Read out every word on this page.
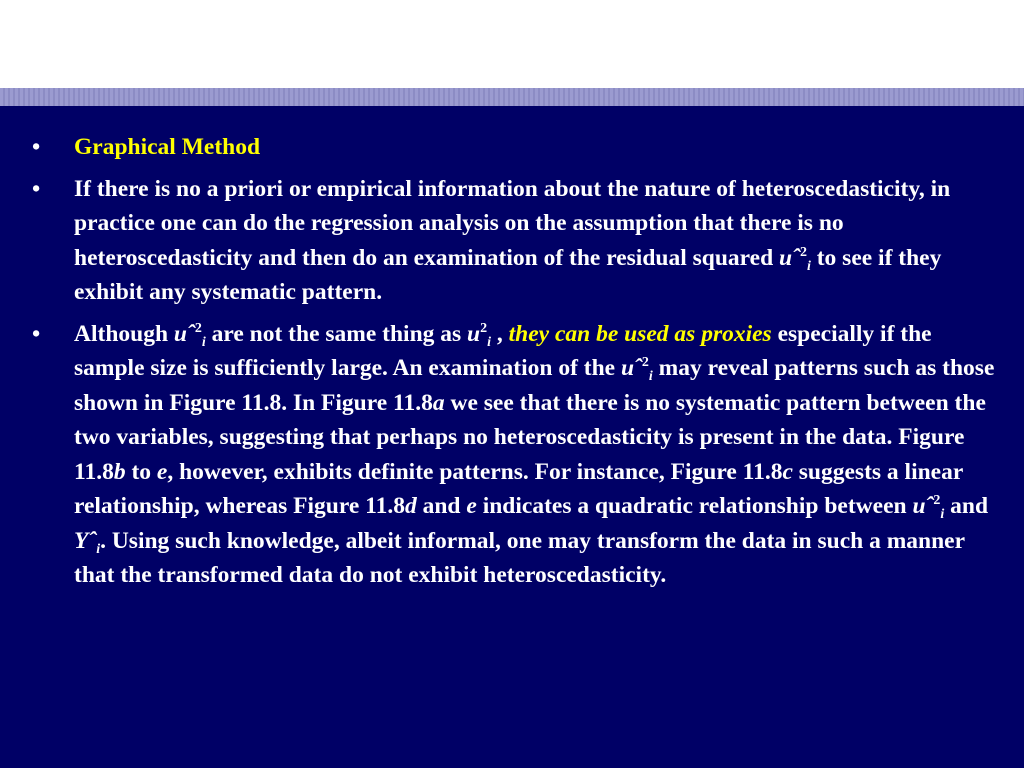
•	Graphical Method
•	If there is no a priori or empirical information about the nature of heteroscedasticity, in practice one can do the regression analysis on the assumption that there is no heteroscedasticity and then do an examination of the residual squared uˆ$^2_i$ to see if they exhibit any systematic pattern.
•	Although uˆ$^2_i$ are not the same thing as $u^2_i$ , they can be used as proxies especially if the sample size is sufficiently large. An examination of the uˆ$^2_i$ may reveal patterns such as those shown in Figure 11.8. In Figure 11.8a we see that there is no systematic pattern between the two variables, suggesting that perhaps no heteroscedasticity is present in the data. Figure 11.8b to e, however, exhibits definite patterns. For instance, Figure 11.8c suggests a linear relationship, whereas Figure 11.8d and e indicates a quadratic relationship between uˆ$^2_i$ and Yˆ$_i$. Using such knowledge, albeit informal, one may transform the data in such a manner that the transformed data do not exhibit heteroscedasticity.
